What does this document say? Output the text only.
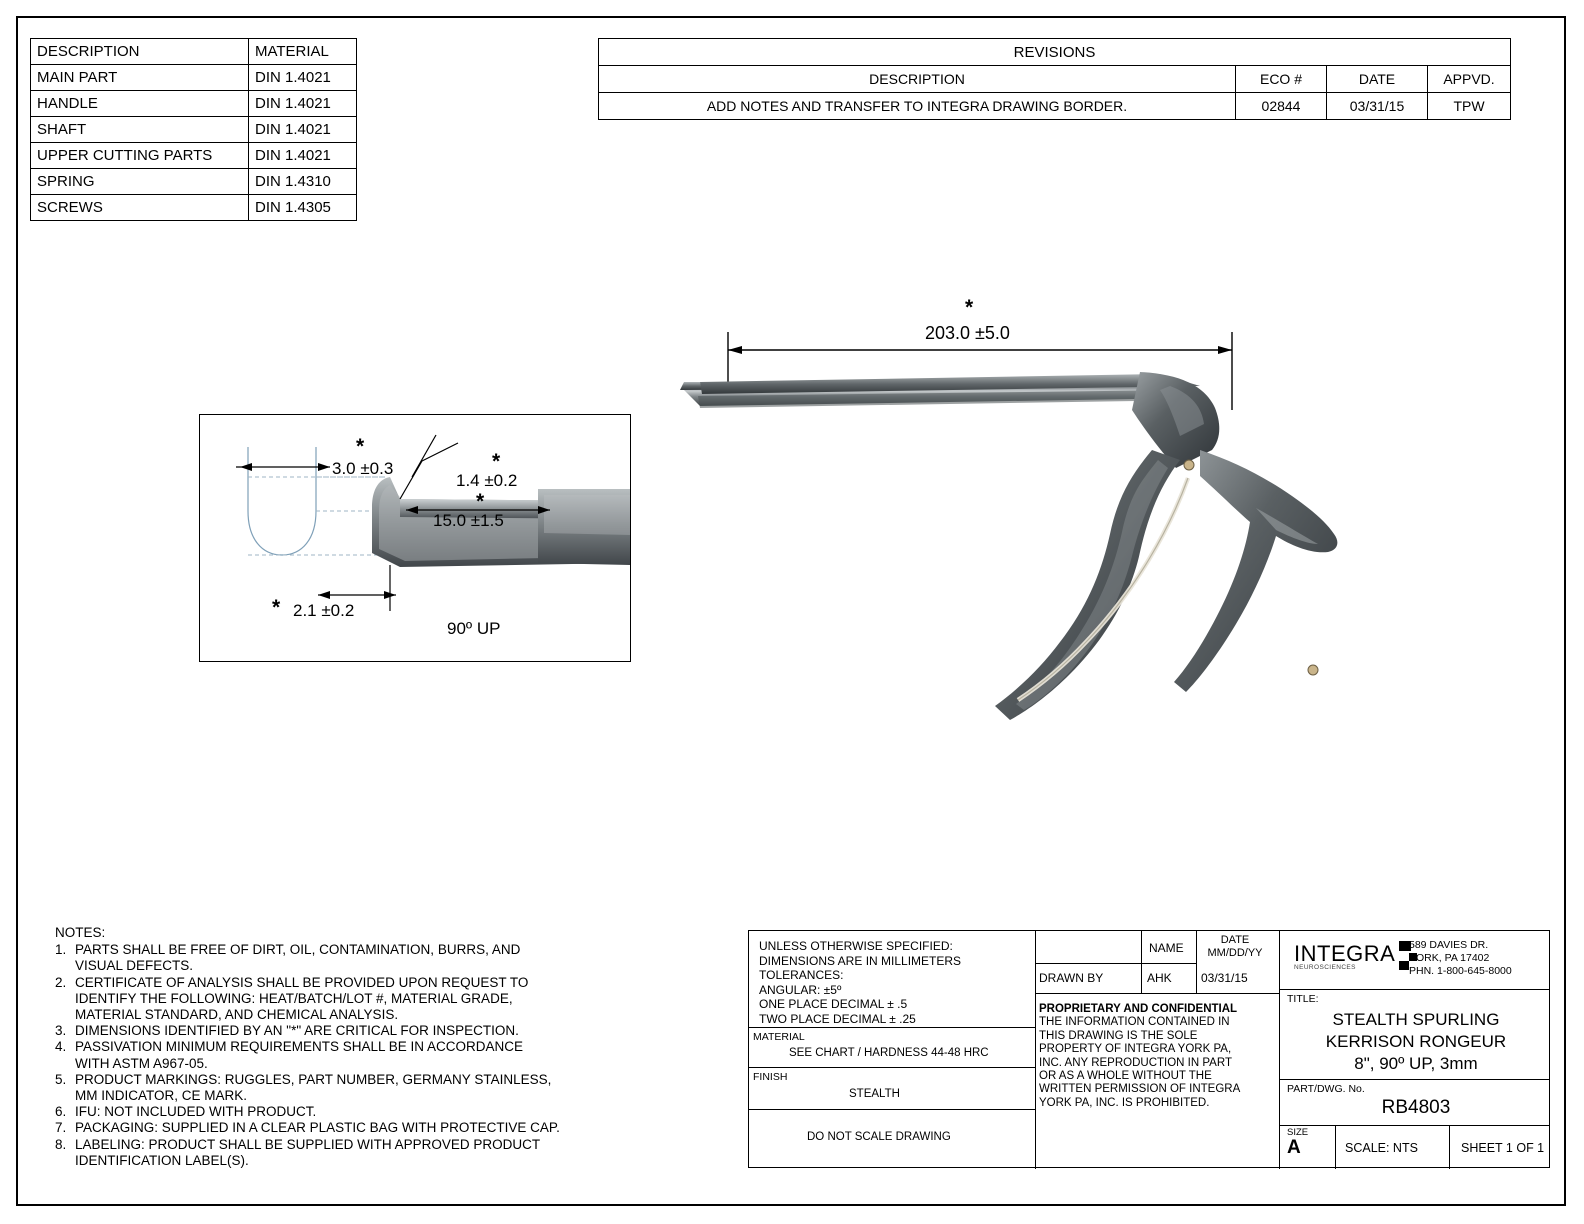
DESCRIPTION	MATERIAL
MAIN PART	DIN 1.4021
HANDLE	DIN 1.4021
SHAFT	DIN 1.4021
UPPER CUTTING PARTS	DIN 1.4021
SPRING	DIN 1.4310
SCREWS	DIN 1.4305
REVISIONS			
DESCRIPTION	ECO #	DATE	APPVD.
ADD NOTES AND TRANSFER TO INTEGRA DRAWING BORDER.	02844	03/31/15	TPW
*
203.0 ±5.0
*
3.0 ±0.3	*
1.4 ±0.2
*
15.0 ±1.5
* 2.1 ±0.2
90º UP
NOTES:
1. PARTS SHALL BE FREE OF DIRT, OIL, CONTAMINATION, BURRS, AND
VISUAL DEFECTS.
2. CERTIFICATE OF ANALYSIS SHALL BE PROVIDED UPON REQUEST TO
IDENTIFY THE FOLLOWING: HEAT/BATCH/LOT #, MATERIAL GRADE,
MATERIAL STANDARD, AND CHEMICAL ANALYSIS.
3. DIMENSIONS IDENTIFIED BY AN "*" ARE CRITICAL FOR INSPECTION.
4. PASSIVATION MINIMUM REQUIREMENTS SHALL BE IN ACCORDANCE
WITH ASTM A967-05.
5. PRODUCT MARKINGS: RUGGLES, PART NUMBER, GERMANY STAINLESS,
MM INDICATOR, CE MARK.
6. IFU: NOT INCLUDED WITH PRODUCT.
7. PACKAGING: SUPPLIED IN A CLEAR PLASTIC BAG WITH PROTECTIVE CAP.
8. LABELING: PRODUCT SHALL BE SUPPLIED WITH APPROVED PRODUCT
IDENTIFICATION LABEL(S).
UNLESS OTHERWISE SPECIFIED:
DIMENSIONS ARE IN MILLIMETERS
TOLERANCES:
ANGULAR: ±5º
ONE PLACE DECIMAL ± .5
TWO PLACE DECIMAL ± .25
MATERIAL
SEE CHART / HARDNESS 44-48 HRC
FINISH
STEALTH
DO NOT SCALE DRAWING
NAME
DATE
MM/DD/YY
DRAWN BY	AHK 03/31/15
PROPRIETARY AND CONFIDENTIAL
THE INFORMATION CONTAINED IN
THIS DRAWING IS THE SOLE
PROPERTY OF INTEGRA YORK PA,
INC. ANY REPRODUCTION IN PART
OR AS A WHOLE WITHOUT THE
WRITTEN PERMISSION OF INTEGRA
YORK PA, INC. IS PROHIBITED.
INTEGRA
NEUROSCIENCES
589 DAVIES DR.
YORK, PA 17402
PHN. 1-800-645-8000
TITLE:
STEALTH SPURLING
KERRISON RONGEUR
8", 90º UP, 3mm
PART/DWG. No.
RB4803
SIZE
A	SCALE: NTS	SHEET 1 OF 1
